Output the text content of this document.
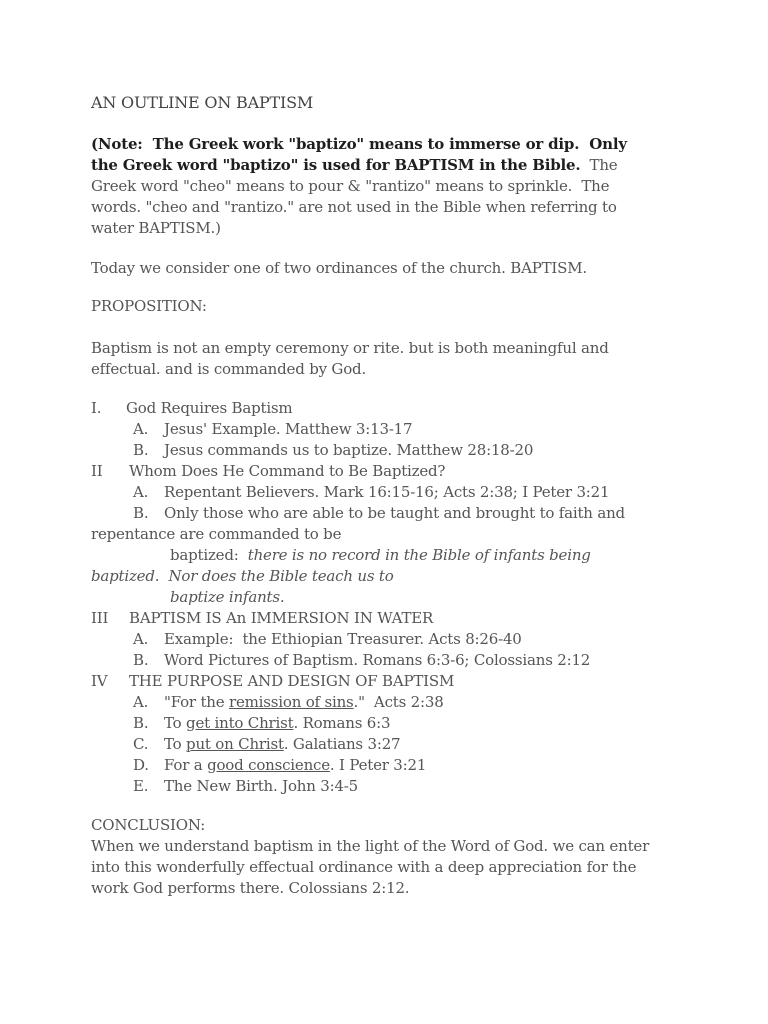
AN OUTLINE ON BAPTISM
(Note:  The Greek work "baptizo" means to immerse or dip.  Only
the Greek word "baptizo" is used for BAPTISM in the Bible.  The
Greek word "cheo" means to pour & "rantizo" means to sprinkle.  The
words. "cheo and "rantizo." are not used in the Bible when referring to
water BAPTISM.)
Today we consider one of two ordinances of the church. BAPTISM.
PROPOSITION:
Baptism is not an empty ceremony or rite. but is both meaningful and
effectual. and is commanded by God.
I. God Requires Baptism
A. Jesus' Example. Matthew 3:13-17
B. Jesus commands us to baptize. Matthew 28:18-20
II Whom Does He Command to Be Baptized?
A. Repentant Believers. Mark 16:15-16; Acts 2:38; I Peter 3:21
B. Only those who are able to be taught and brought to faith and
repentance are commanded to be
baptized:  there is no record in the Bible of infants being
baptized.  Nor does the Bible teach us to
baptize infants.
III BAPTISM IS An IMMERSION IN WATER
A. Example:  the Ethiopian Treasurer. Acts 8:26-40
B. Word Pictures of Baptism. Romans 6:3-6; Colossians 2:12
IV THE PURPOSE AND DESIGN OF BAPTISM
A. "For the remission of sins."  Acts 2:38
B. To get into Christ. Romans 6:3
C. To put on Christ. Galatians 3:27
D. For a good conscience. I Peter 3:21
E. The New Birth. John 3:4-5
CONCLUSION:
When we understand baptism in the light of the Word of God. we can enter
into this wonderfully effectual ordinance with a deep appreciation for the
work God performs there. Colossians 2:12.
